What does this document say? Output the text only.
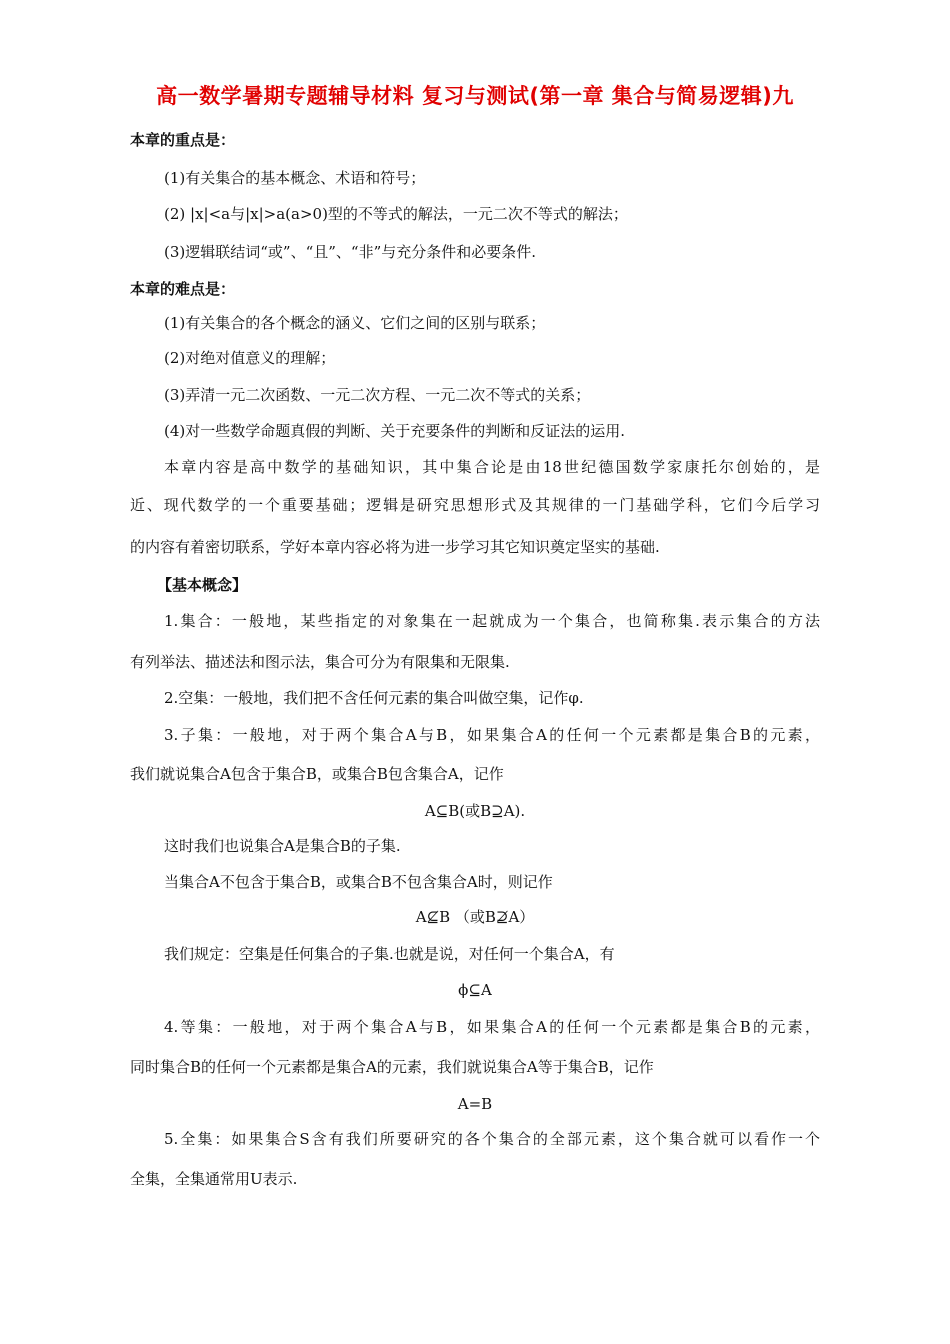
高一数学暑期专题辅导材料 复习与测试(第一章 集合与简易逻辑)九
本章的重点是：
(1)有关集合的基本概念、术语和符号；
(2) |x|<a与|x|>a(a>0)型的不等式的解法，一元二次不等式的解法；
(3)逻辑联结词“或”、“且”、“非”与充分条件和必要条件.
本章的难点是：
(1)有关集合的各个概念的涵义、它们之间的区别与联系；
(2)对绝对值意义的理解；
(3)弄清一元二次函数、一元二次方程、一元二次不等式的关系；
(4)对一些数学命题真假的判断、关于充要条件的判断和反证法的运用.
本章内容是高中数学的基础知识，其中集合论是由18世纪德国数学家康托尔创始的，是
近、现代数学的一个重要基础；逻辑是研究思想形式及其规律的一门基础学科，它们今后学习
的内容有着密切联系，学好本章内容必将为进一步学习其它知识奠定坚实的基础.
【基本概念】
1.集合：一般地，某些指定的对象集在一起就成为一个集合，也简称集.表示集合的方法
有列举法、描述法和图示法，集合可分为有限集和无限集.
2.空集：一般地，我们把不含任何元素的集合叫做空集，记作φ.
3.子集：一般地，对于两个集合A与B，如果集合A的任何一个元素都是集合B的元素，
我们就说集合A包含于集合B，或集合B包含集合A，记作
A⊆B(或B⊇A).
这时我们也说集合A是集合B的子集.
当集合A不包含于集合B，或集合B不包含集合A时，则记作
A⊈B （或B⊉A）
我们规定：空集是任何集合的子集.也就是说，对任何一个集合A，有
ϕ⊆A
4.等集：一般地，对于两个集合A与B，如果集合A的任何一个元素都是集合B的元素，
同时集合B的任何一个元素都是集合A的元素，我们就说集合A等于集合B，记作
A=B
5.全集：如果集合S含有我们所要研究的各个集合的全部元素，这个集合就可以看作一个
全集，全集通常用U表示.
